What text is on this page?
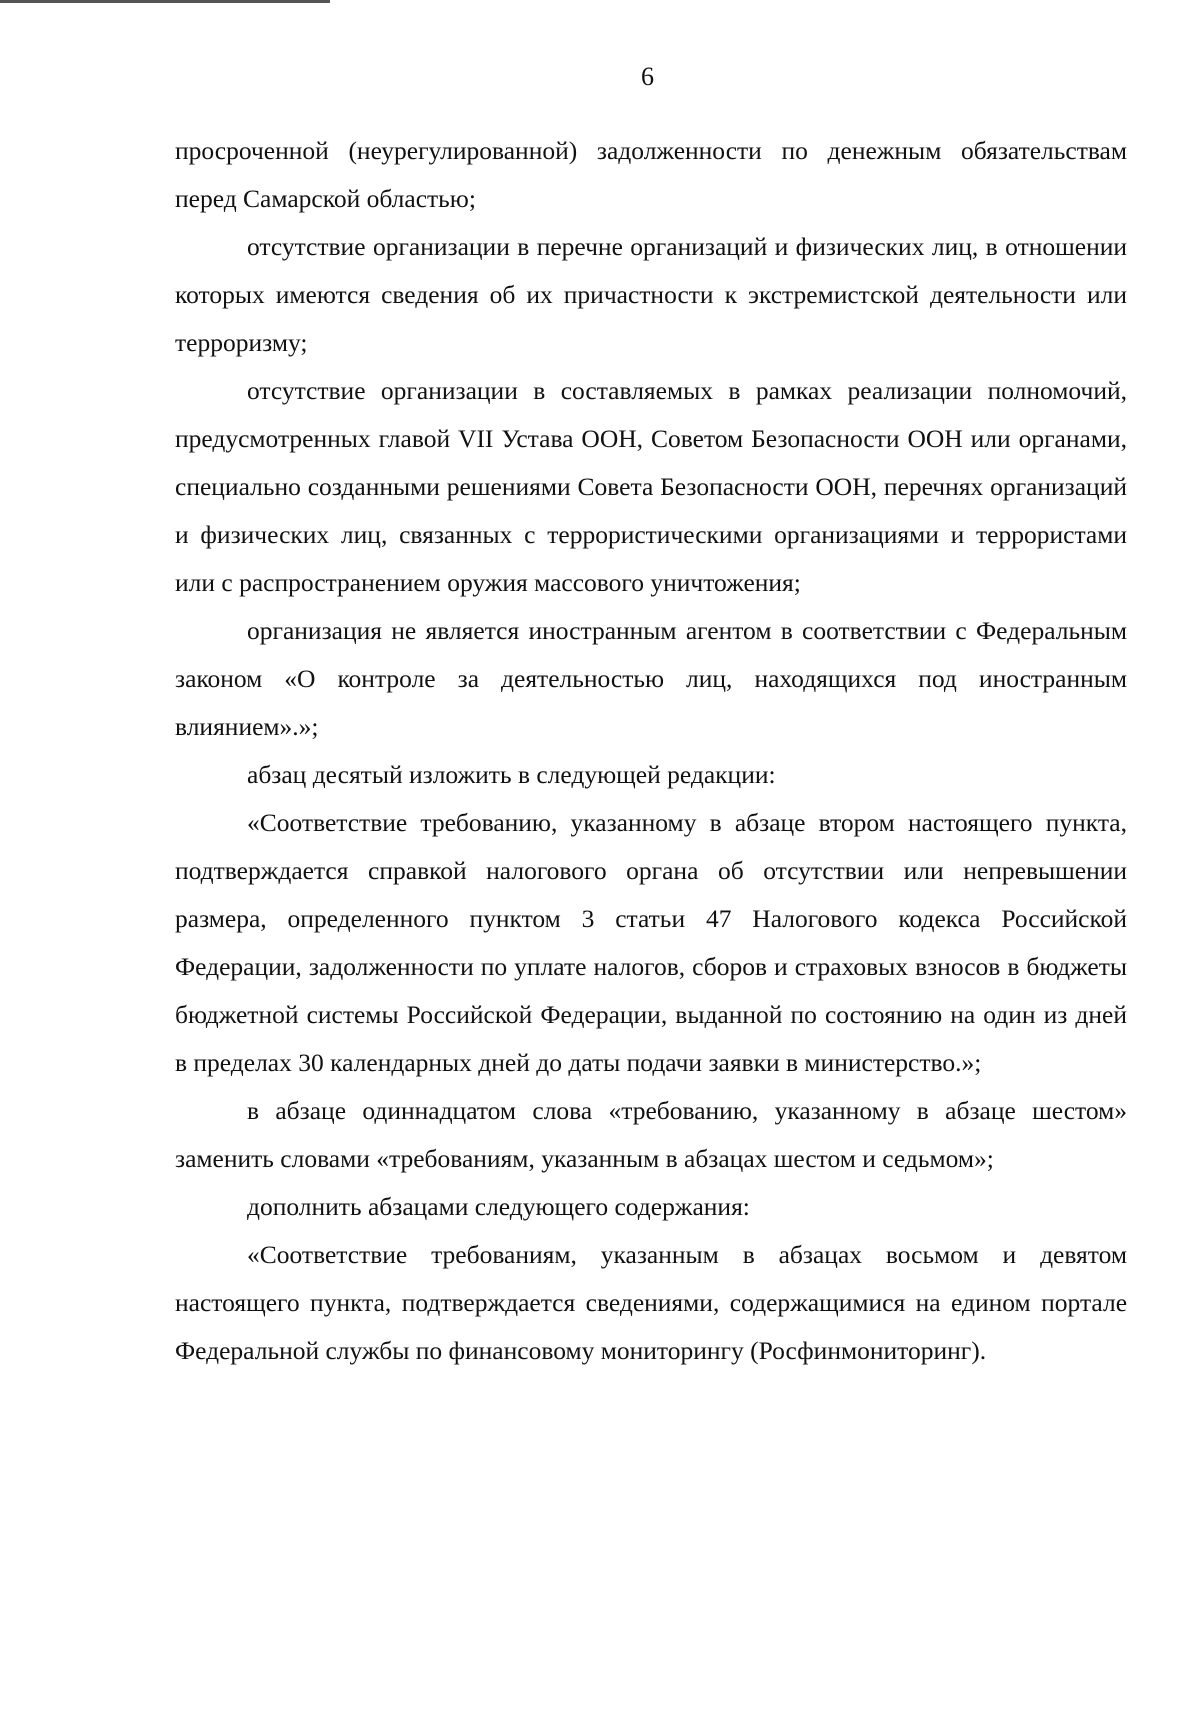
6

просроченной (неурегулированной) задолженности по денежным обязательствам перед Самарской областью;

отсутствие организации в перечне организаций и физических лиц, в отношении которых имеются сведения об их причастности к экстремистской деятельности или терроризму;

отсутствие организации в составляемых в рамках реализации полномочий, предусмотренных главой VII Устава ООН, Советом Безопасности ООН или органами, специально созданными решениями Совета Безопасности ООН, перечнях организаций и физических лиц, связанных с террористическими организациями и террористами или с распространением оружия массового уничтожения;

организация не является иностранным агентом в соответствии с Федеральным законом «О контроле за деятельностью лиц, находящихся под иностранным влиянием».»;

абзац десятый изложить в следующей редакции:

«Соответствие требованию, указанному в абзаце втором настоящего пункта, подтверждается справкой налогового органа об отсутствии или непревышении размера, определенного пунктом 3 статьи 47 Налогового кодекса Российской Федерации, задолженности по уплате налогов, сборов и страховых взносов в бюджеты бюджетной системы Российской Федерации, выданной по состоянию на один из дней в пределах 30 календарных дней до даты подачи заявки в министерство.»;

в абзаце одиннадцатом слова «требованию, указанному в абзаце шестом» заменить словами «требованиям, указанным в абзацах шестом и седьмом»;

дополнить абзацами следующего содержания:

«Соответствие требованиям, указанным в абзацах восьмом и девятом настоящего пункта, подтверждается сведениями, содержащимися на едином портале Федеральной службы по финансовому мониторингу (Росфинмониторинг).
